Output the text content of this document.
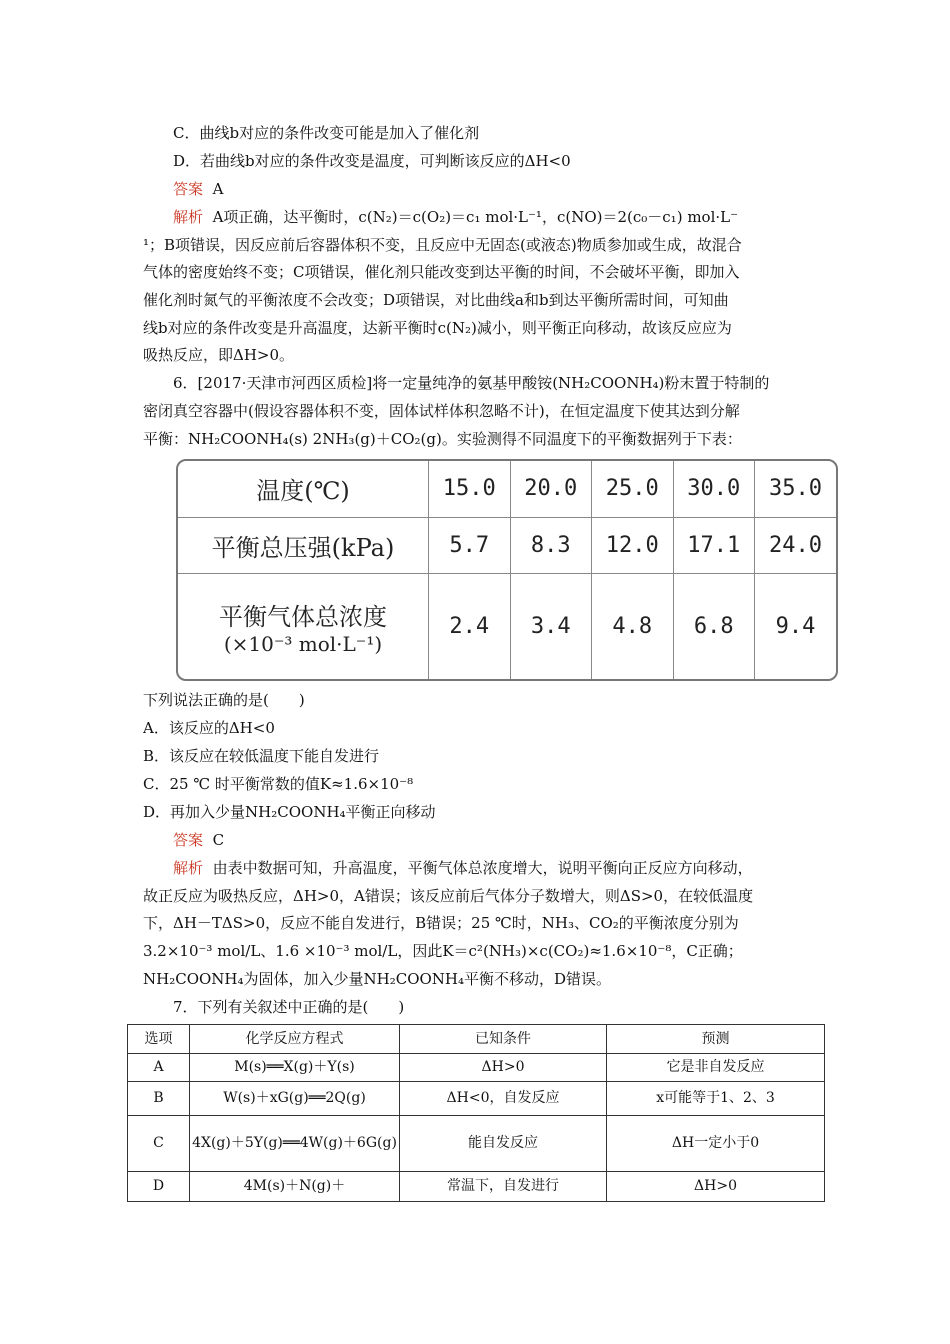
C．曲线b对应的条件改变可能是加入了催化剂
D．若曲线b对应的条件改变是温度，可判断该反应的ΔH<0
答案 A
解析 A项正确，达平衡时，c(N₂)＝c(O₂)＝c₁ mol·L⁻¹，c(NO)＝2(c₀－c₁) mol·L⁻
¹；B项错误，因反应前后容器体积不变，且反应中无固态(或液态)物质参加或生成，故混合
气体的密度始终不变；C项错误，催化剂只能改变到达平衡的时间，不会破坏平衡，即加入
催化剂时氮气的平衡浓度不会改变；D项错误，对比曲线a和b到达平衡所需时间，可知曲
线b对应的条件改变是升高温度，达新平衡时c(N₂)减小，则平衡正向移动，故该反应应为
吸热反应，即ΔH>0。
6．[2017·天津市河西区质检]将一定量纯净的氨基甲酸铵(NH₂COONH₄)粉末置于特制的
密闭真空容器中(假设容器体积不变，固体试样体积忽略不计)，在恒定温度下使其达到分解
平衡：NH₂COONH₄(s) 2NH₃(g)＋CO₂(g)。实验测得不同温度下的平衡数据列于下表：
温度(℃)	15.0	20.0	25.0	30.0	35.0
平衡总压强(kPa)	5.7	8.3	12.0	17.1	24.0

平衡气体总浓度
(×10⁻³ mol·L⁻¹)	2.4	3.4	4.8	6.8	9.4
下列说法正确的是(　　)
A．该反应的ΔH<0
B．该反应在较低温度下能自发进行
C．25 ℃ 时平衡常数的值K≈1.6×10⁻⁸
D．再加入少量NH₂COONH₄平衡正向移动
答案 C
解析 由表中数据可知，升高温度，平衡气体总浓度增大，说明平衡向正反应方向移动，
故正反应为吸热反应，ΔH>0，A错误；该反应前后气体分子数增大，则ΔS>0，在较低温度
下，ΔH－TΔS>0，反应不能自发进行，B错误；25 ℃时，NH₃、CO₂的平衡浓度分别为
3.2×10⁻³ mol/L、1.6 ×10⁻³ mol/L，因此K＝c²(NH₃)×c(CO₂)≈1.6×10⁻⁸，C正确；
NH₂COONH₄为固体，加入少量NH₂COONH₄平衡不移动，D错误。
7．下列有关叙述中正确的是(　　)
选项	化学反应方程式	已知条件	预测
A	M(s)══X(g)＋Y(s)	ΔH>0	它是非自发反应
B	W(s)＋xG(g)══2Q(g)	ΔH<0，自发反应	x可能等于1、2、3
C	4X(g)＋5Y(g)══4W(g)＋6G(g)	能自发反应	ΔH一定小于0
D	4M(s)＋N(g)＋	常温下，自发进行	ΔH>0
